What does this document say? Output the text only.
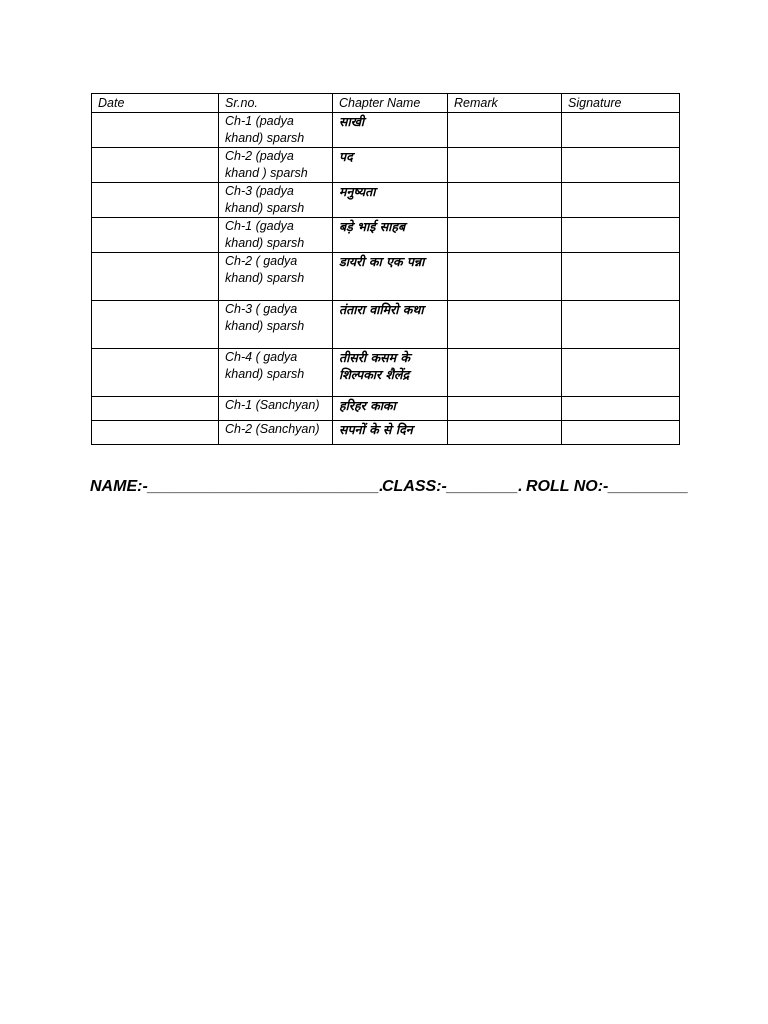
Date	Sr.no.	Chapter Name	Remark	Signature
	Ch-1 (padya khand) sparsh	साखी		
	Ch-2 (padya khand ) sparsh	पद		
	Ch-3 (padya khand) sparsh	मनुष्यता		
	Ch-1 (gadya khand) sparsh	बड़े भाई साहब		
	Ch-2 ( gadya khand) sparsh	डायरी का एक पन्ना		
	Ch-3 ( gadya khand) sparsh	तंतारा वामिरो कथा		
	Ch-4 ( gadya khand) sparsh	तीसरी कसम के शिल्पकार शैलेंद्र		
	Ch-1 (Sanchyan)	हरिहर काका		
	Ch-2 (Sanchyan)	सपनों के से दिन		
NAME:-__________________________.CLASS:-________. ROLL NO:-_________
